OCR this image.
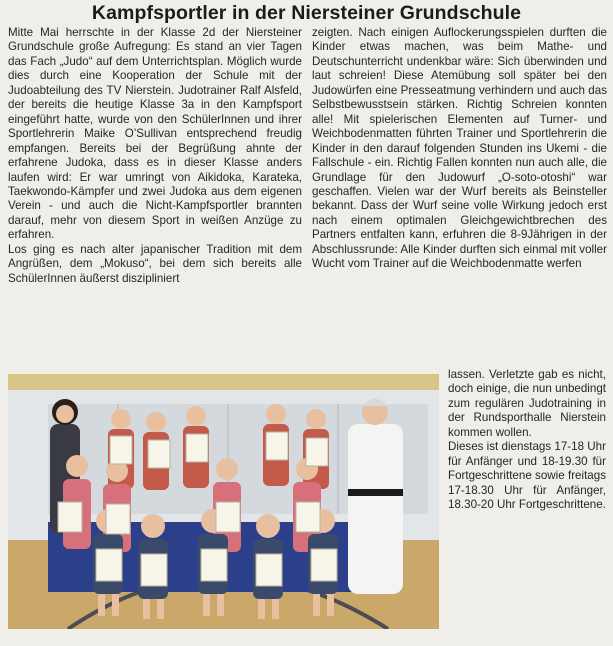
Kampfsportler in der Niersteiner Grundschule

Mitte Mai herrschte in der Klasse 2d der Niersteiner Grundschule große Aufregung: Es stand an vier Tagen das Fach „Judo“ auf dem Unterrichtsplan. Möglich wurde dies durch eine Kooperation der Schule mit der Judoabteilung des TV Nierstein. Judotrainer Ralf Alsfeld, der bereits die heutige Klasse 3a in den Kampfsport eingeführt hatte, wurde von den SchülerInnen und ihrer Sportlehrerin Maike O’Sullivan entsprechend freudig empfangen. Bereits bei der Begrüßung ahnte der erfahrene Judoka, dass es in dieser Klasse anders laufen wird: Er war umringt von Aikidoka, Karateka, Taekwondo-Kämpfer und zwei Judoka aus dem eigenen Verein - und auch die Nicht-Kampfsportler brannten darauf, mehr von diesem Sport in weißen Anzüge zu erfahren.

Los ging es nach alter japanischer Tradition mit dem Angrüßen, dem „Mokuso“, bei dem sich bereits alle SchülerInnen äußerst diszipliniert

zeigten. Nach einigen Auflockerungsspielen durften die Kinder etwas machen, was beim Mathe- und Deutschunterricht undenkbar wäre: Sich überwinden und laut schreien! Diese Atemübung soll später bei den Judowürfen eine Presseatmung verhindern und auch das Selbstbewusstsein stärken. Richtig Schreien konnten alle! Mit spielerischen Elementen auf Turner- und Weichbodenmatten führten Trainer und Sportlehrerin die Kinder in den darauf folgenden Stunden ins Ukemi - die Fallschule - ein. Richtig Fallen konnten nun auch alle, die Grundlage für den Judowurf „O-soto-otoshi“ war geschaffen. Vielen war der Wurf bereits als Beinsteller bekannt. Dass der Wurf seine volle Wirkung jedoch erst nach einem optimalen Gleichgewichtbrechen des Partners entfalten kann, erfuhren die 8-9Jährigen in der Abschlussrunde: Alle Kinder durften sich einmal mit voller Wucht vom Trainer auf die Weichbodenmatte werfen

lassen. Verletzte gab es nicht, doch einige, die nun unbedingt zum regulären Judotraining in der Rundsporthalle Nierstein kommen wollen.

Dieses ist dienstags 17-18 Uhr für Anfänger und 18-19.30 für Fortgeschrittene sowie freitags 17-18.30 Uhr für Anfänger, 18.30-20 Uhr Fortgeschrittene.
